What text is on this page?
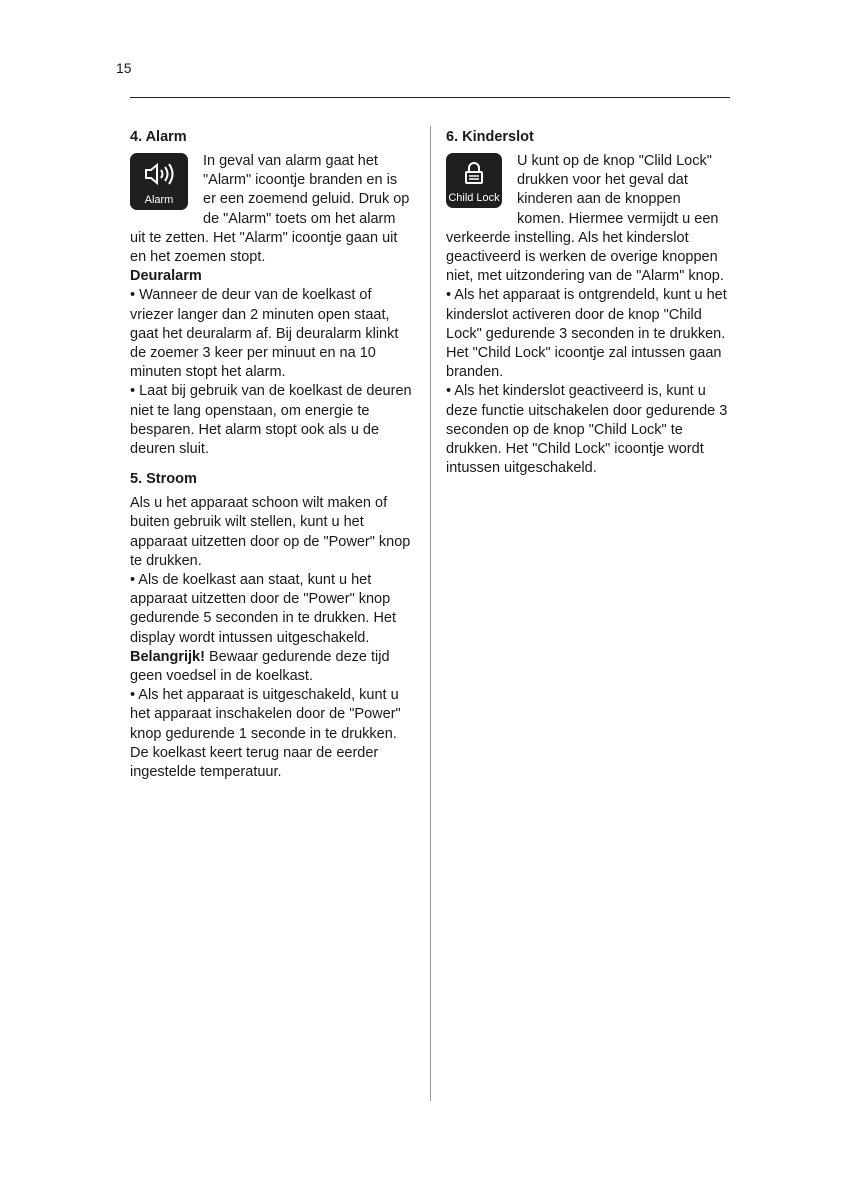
15
4. Alarm
Alarm

In geval van alarm gaat het "Alarm" icoontje branden en is er een zoemend geluid. Druk op de "Alarm" toets om het alarm uit te zetten. Het "Alarm" icoontje gaan uit en het zoemen stopt.

Deuralarm

• Wanneer de deur van de koelkast of vriezer langer dan 2 minuten open staat, gaat het deuralarm af. Bij deuralarm klinkt de zoemer 3 keer per minuut en na 10 minuten stopt het alarm.

• Laat bij gebruik van de koelkast de deuren niet te lang openstaan, om energie te besparen. Het alarm stopt ook als u de deuren sluit.

5. Stroom

Als u het apparaat schoon wilt maken of buiten gebruik wilt stellen, kunt u het apparaat uitzetten door op de "Power" knop te drukken.

• Als de koelkast aan staat, kunt u het apparaat uitzetten door de "Power" knop gedurende 5 seconden in te drukken. Het display wordt intussen uitgeschakeld.

Belangrijk! Bewaar gedurende deze tijd geen voedsel in de koelkast.

• Als het apparaat is uitgeschakeld, kunt u het apparaat inschakelen door de "Power" knop gedurende 1 seconde in te drukken. De koelkast keert terug naar de eerder ingestelde temperatuur.

6. Kinderslot
Child Lock

U kunt op de knop "Clild Lock" drukken voor het geval dat kinderen aan de knoppen komen. Hiermee vermijdt u een verkeerde instelling. Als het kinderslot geactiveerd is werken de overige knoppen niet, met uitzondering van de "Alarm" knop.

• Als het apparaat is ontgrendeld, kunt u het kinderslot activeren door de knop "Child Lock" gedurende 3 seconden in te drukken. Het "Child Lock" icoontje zal intussen gaan branden.

• Als het kinderslot geactiveerd is, kunt u deze functie uitschakelen door gedurende 3 seconden op de knop "Child Lock" te drukken. Het "Child Lock" icoontje wordt intussen uitgeschakeld.
